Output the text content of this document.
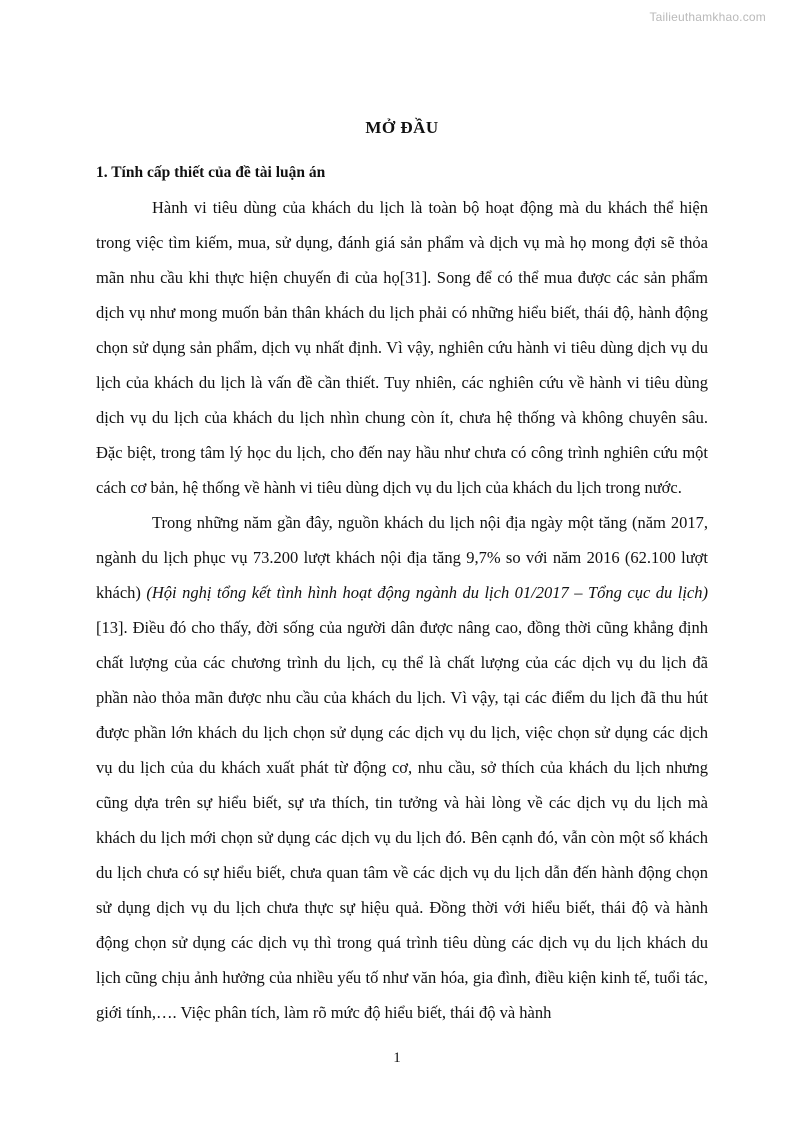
Tailieuthamkhao.com
MỞ ĐẦU
1. Tính cấp thiết của đề tài luận án

Hành vi tiêu dùng của khách du lịch là toàn bộ hoạt động mà du khách thể hiện trong việc tìm kiếm, mua, sử dụng, đánh giá sản phẩm và dịch vụ mà họ mong đợi sẽ thỏa mãn nhu cầu khi thực hiện chuyến đi của họ[31]. Song để có thể mua được các sản phẩm dịch vụ như mong muốn bản thân khách du lịch phải có những hiểu biết, thái độ, hành động chọn sử dụng sản phẩm, dịch vụ nhất định. Vì vậy, nghiên cứu hành vi tiêu dùng dịch vụ du lịch của khách du lịch là vấn đề cần thiết. Tuy nhiên, các nghiên cứu về hành vi tiêu dùng dịch vụ du lịch của khách du lịch nhìn chung còn ít, chưa hệ thống và không chuyên sâu. Đặc biệt, trong tâm lý học du lịch, cho đến nay hầu như chưa có công trình nghiên cứu một cách cơ bản, hệ thống về hành vi tiêu dùng dịch vụ du lịch của khách du lịch trong nước.

Trong những năm gần đây, nguồn khách du lịch nội địa ngày một tăng (năm 2017, ngành du lịch phục vụ 73.200 lượt khách nội địa tăng 9,7% so với năm 2016 (62.100 lượt khách) (Hội nghị tổng kết tình hình hoạt động ngành du lịch 01/2017 – Tổng cục du lịch)[13]. Điều đó cho thấy, đời sống của người dân được nâng cao, đồng thời cũng khẳng định chất lượng của các chương trình du lịch, cụ thể là chất lượng của các dịch vụ du lịch đã phần nào thỏa mãn được nhu cầu của khách du lịch. Vì vậy, tại các điểm du lịch đã thu hút được phần lớn khách du lịch chọn sử dụng các dịch vụ du lịch, việc chọn sử dụng các dịch vụ du lịch của du khách xuất phát từ động cơ, nhu cầu, sở thích của khách du lịch nhưng cũng dựa trên sự hiểu biết, sự ưa thích, tin tưởng và hài lòng về các dịch vụ du lịch mà khách du lịch mới chọn sử dụng các dịch vụ du lịch đó. Bên cạnh đó, vẫn còn một số khách du lịch chưa có sự hiểu biết, chưa quan tâm về các dịch vụ du lịch dẫn đến hành động chọn sử dụng dịch vụ du lịch chưa thực sự hiệu quả. Đồng thời với hiểu biết, thái độ và hành động chọn sử dụng các dịch vụ thì trong quá trình tiêu dùng các dịch vụ du lịch khách du lịch cũng chịu ảnh hưởng của nhiều yếu tố như văn hóa, gia đình, điều kiện kinh tế, tuổi tác, giới tính,…. Việc phân tích, làm rõ mức độ hiểu biết, thái độ và hành

1
